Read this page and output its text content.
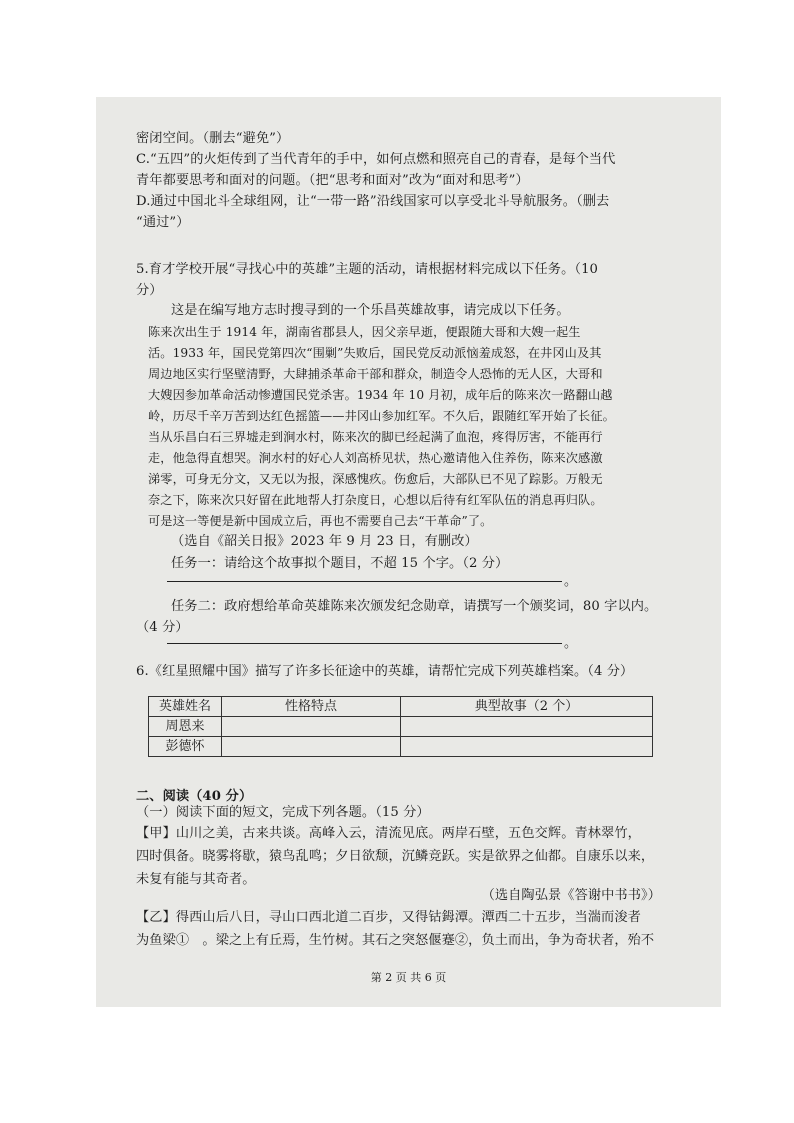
密闭空间。（删去“避免”）
C.“五四”的火炬传到了当代青年的手中，如何点燃和照亮自己的青春，是每个当代
青年都要思考和面对的问题。（把“思考和面对”改为“面对和思考”）
D.通过中国北斗全球组网，让“一带一路”沿线国家可以享受北斗导航服务。（删去
“通过”）
5.育才学校开展“寻找心中的英雄”主题的活动，请根据材料完成以下任务。（10
分）
这是在编写地方志时搜寻到的一个乐昌英雄故事，请完成以下任务。
陈来次出生于 1914 年，湖南省郡县人，因父亲早逝，便跟随大哥和大嫂一起生
活。1933 年，国民党第四次“围剿”失败后，国民党反动派恼羞成怒，在井冈山及其
周边地区实行坚壁清野，大肆捕杀革命干部和群众，制造令人恐怖的无人区，大哥和
大嫂因参加革命活动惨遭国民党杀害。1934 年 10 月初，成年后的陈来次一路翻山越
岭，历尽千辛万苦到达红色摇篮——井冈山参加红军。不久后，跟随红军开始了长征。
当从乐昌白石三界墟走到涧水村，陈来次的脚已经起满了血泡，疼得厉害，不能再行
走，他急得直想哭。涧水村的好心人刘高桥见状，热心邀请他入住养伤，陈来次感激
涕零，可身无分文，又无以为报，深感愧疚。伤愈后，大部队已不见了踪影。万般无
奈之下，陈来次只好留在此地帮人打杂度日，心想以后待有红军队伍的消息再归队。
可是这一等便是新中国成立后，再也不需要自己去“干革命”了。
（选自《韶关日报》2023 年 9 月 23 日，有删改）
任务一：请给这个故事拟个题目，不超 15 个字。（2 分）
。
任务二：政府想给革命英雄陈来次颁发纪念勋章，请撰写一个颁奖词，80 字以内。
（4 分）
。
6.《红星照耀中国》描写了许多长征途中的英雄，请帮忙完成下列英雄档案。（4 分）
英雄姓名	性格特点	典型故事（2 个）
周恩来		
彭德怀		
二、阅读（40 分）
（一）阅读下面的短文，完成下列各题。（15 分）
【甲】山川之美，古来共谈。高峰入云，清流见底。两岸石壁，五色交辉。青林翠竹，
四时俱备。晓雾将歇，猿鸟乱鸣；夕日欲颓，沉鳞竞跃。实是欲界之仙都。自康乐以来，
未复有能与其奇者。
（选自陶弘景《答谢中书书》）
【乙】得西山后八日，寻山口西北道二百步，又得钴鉧潭。潭西二十五步，当湍而浚者
为鱼梁①　。梁之上有丘焉，生竹树。其石之突怒偃蹇②，负土而出，争为奇状者，殆不
第 2 页 共 6 页
